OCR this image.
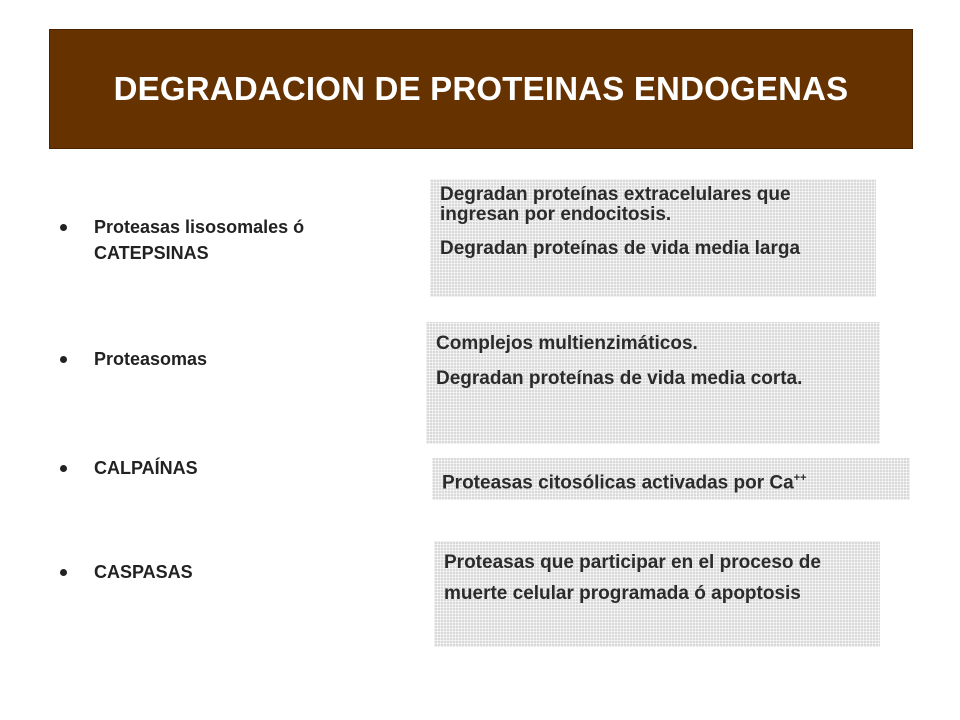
DEGRADACION DE PROTEINAS ENDOGENAS
Proteasas lisosomales ó CATEPSINAS
Proteasomas
CALPAÍNAS
CASPASAS

Degradan proteínas extracelulares que ingresan por endocitosis.

Degradan proteínas de vida media larga

Complejos multienzimáticos.

Degradan proteínas de vida media corta.

Proteasas citosólicas activadas por Ca++

Proteasas que participar en el proceso de muerte celular programada ó apoptosis
